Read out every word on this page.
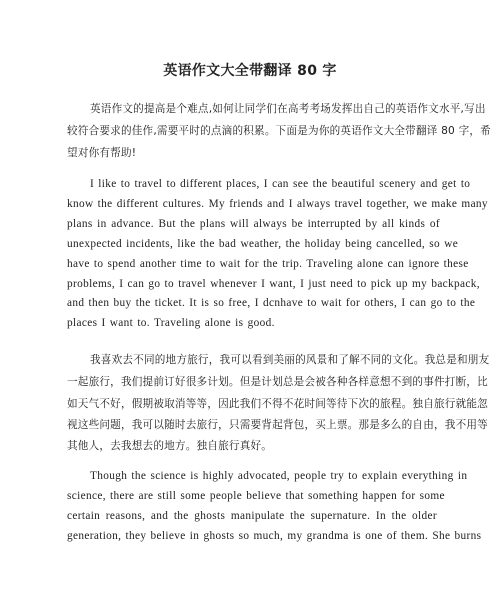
英语作文大全带翻译 80 字
英语作文的提高是个难点,如何让同学们在高考考场发挥出自己的英语作文水平,写出
较符合要求的佳作,需要平时的点滴的积累。下面是为你的英语作文大全带翻译 80 字，希
望对你有帮助!
I like to travel to different places, I can see the beautiful scenery and get to
know the different cultures. My friends and I always travel together, we make many
plans in advance. But the plans will always be interrupted by all kinds of
unexpected incidents, like the bad weather, the holiday being cancelled, so we
have to spend another time to wait for the trip. Traveling alone can ignore these
problems, I can go to travel whenever I want, I just need to pick up my backpack,
and then buy the ticket. It is so free, I dcnhave to wait for others, I can go to the
places I want to. Traveling alone is good.
我喜欢去不同的地方旅行，我可以看到美丽的风景和了解不同的文化。我总是和朋友
一起旅行，我们提前订好很多计划。但是计划总是会被各种各样意想不到的事件打断，比
如天气不好，假期被取消等等，因此我们不得不花时间等待下次的旅程。独自旅行就能忽
视这些问题，我可以随时去旅行，只需要背起背包，买上票。那是多么的自由，我不用等
其他人，去我想去的地方。独自旅行真好。
Though the science is highly advocated, people try to explain everything in
science, there are still some people believe that something happen for some
certain reasons, and the ghosts manipulate the supernature. In the older
generation, they believe in ghosts so much, my grandma is one of them. She burns
